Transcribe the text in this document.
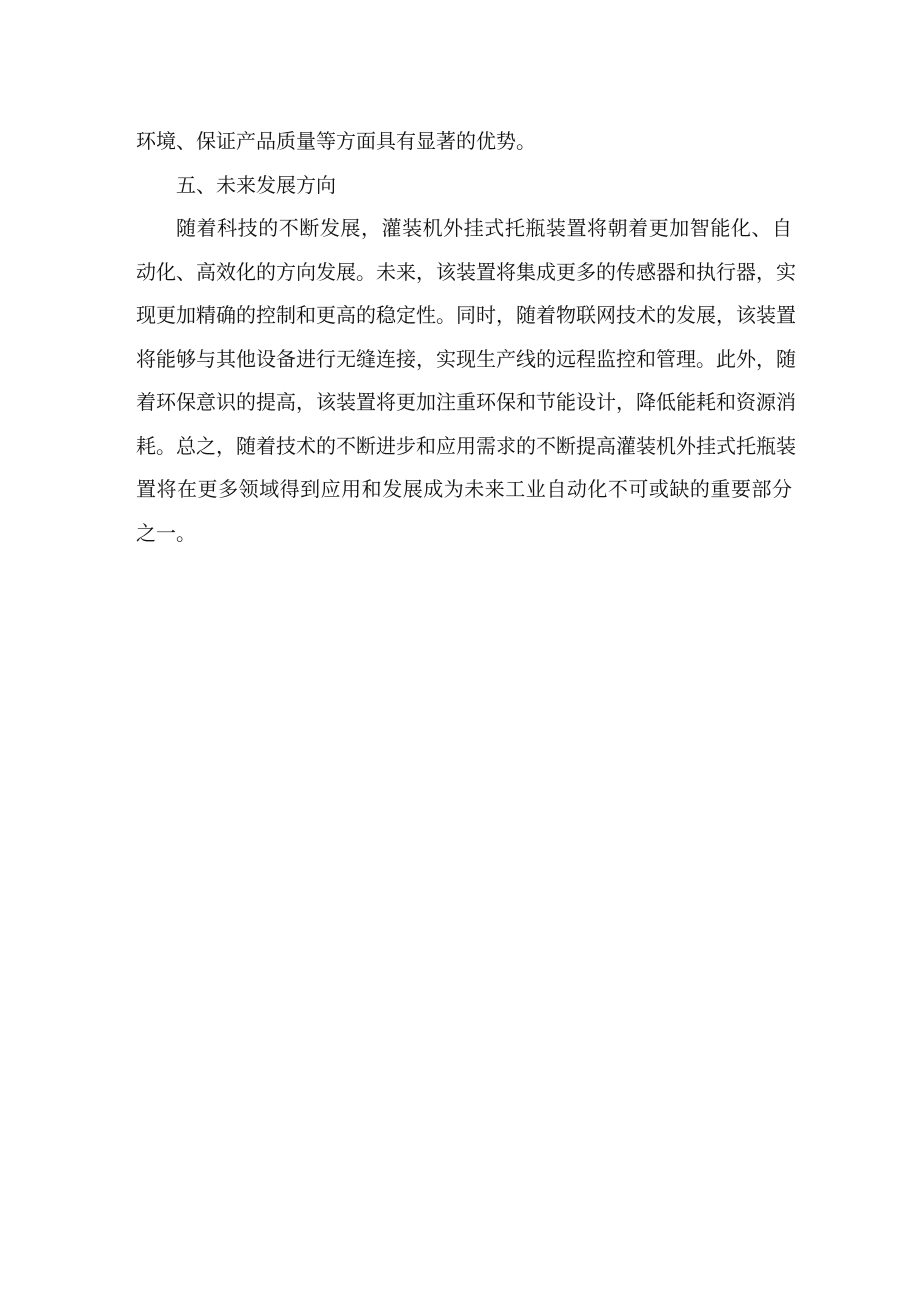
环境、保证产品质量等方面具有显著的优势。
五、未来发展方向
随着科技的不断发展，灌装机外挂式托瓶装置将朝着更加智能化、自
动化、高效化的方向发展。未来，该装置将集成更多的传感器和执行器，实
现更加精确的控制和更高的稳定性。同时，随着物联网技术的发展，该装置
将能够与其他设备进行无缝连接，实现生产线的远程监控和管理。此外，随
着环保意识的提高，该装置将更加注重环保和节能设计，降低能耗和资源消
耗。总之，随着技术的不断进步和应用需求的不断提高灌装机外挂式托瓶装
置将在更多领域得到应用和发展成为未来工业自动化不可或缺的重要部分
之一。
